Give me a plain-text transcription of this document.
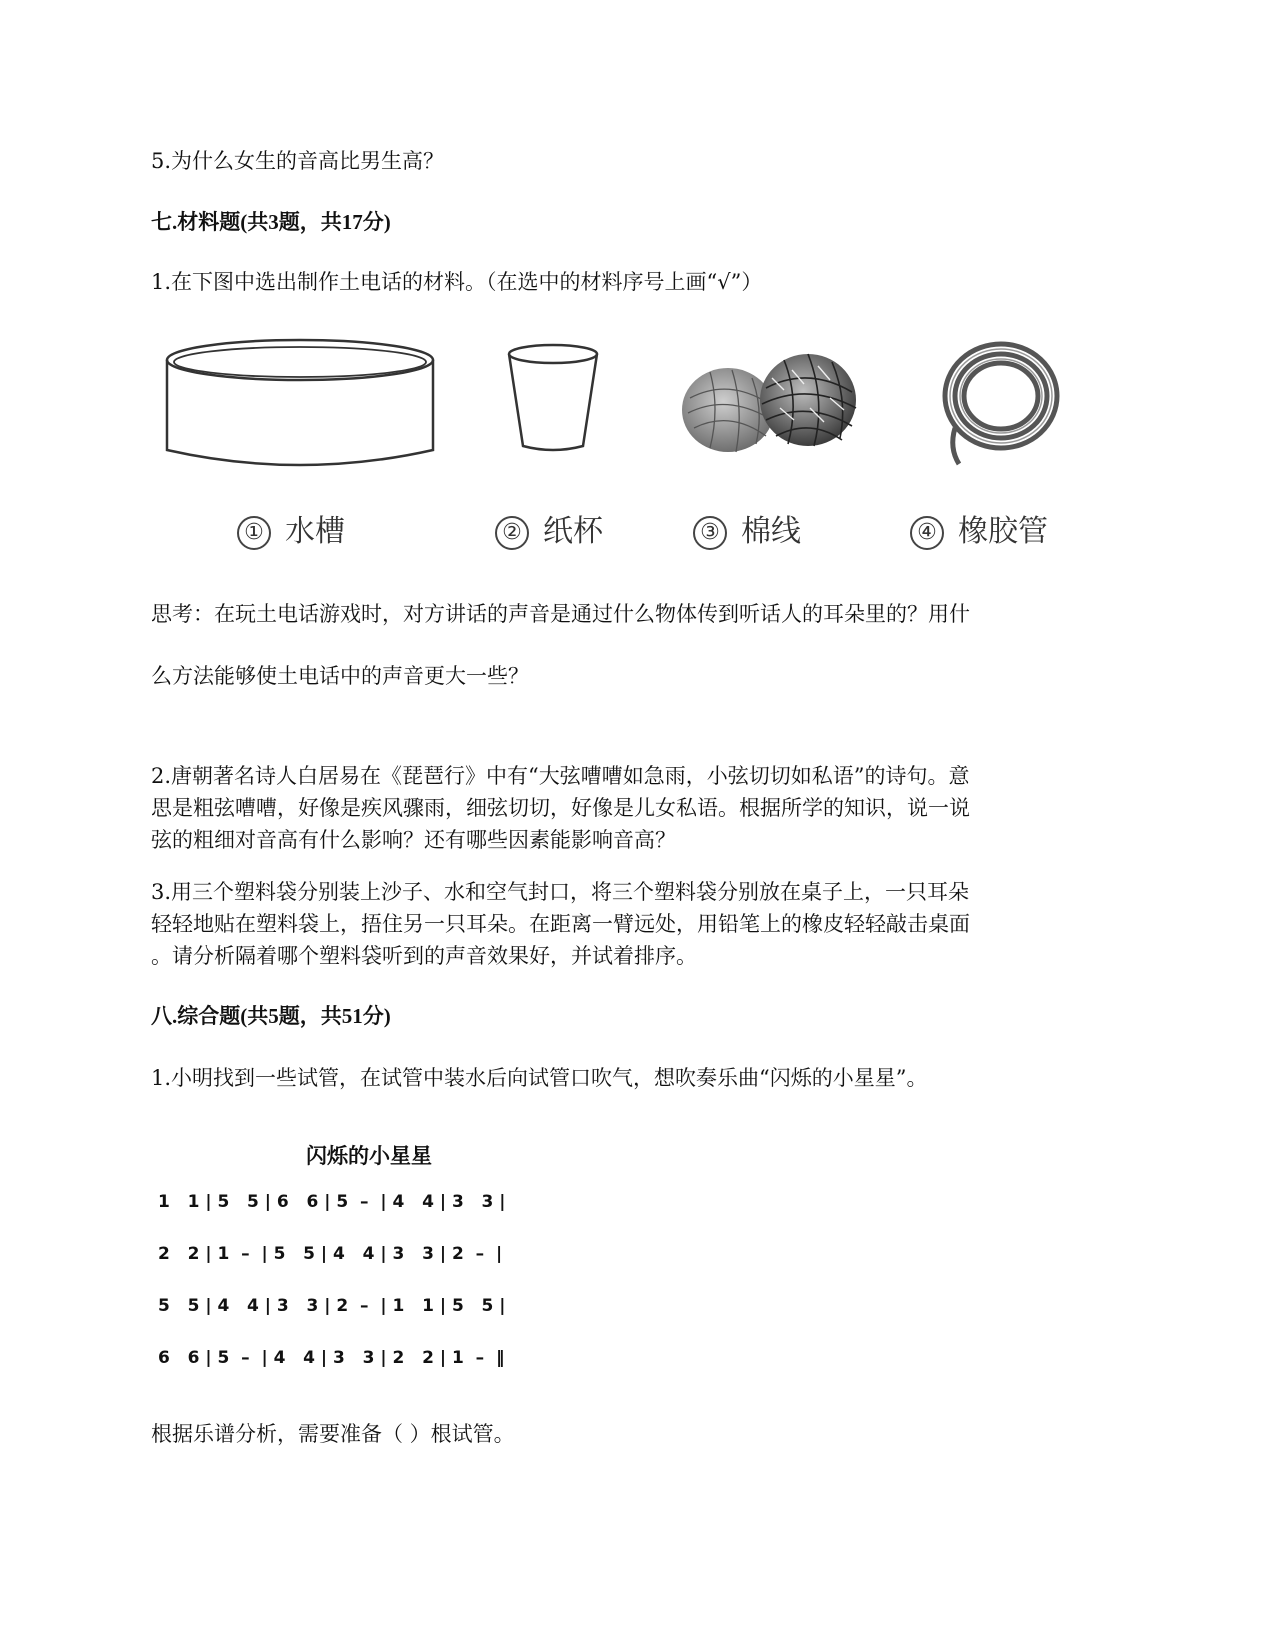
5.为什么女生的音高比男生高？
七.材料题(共3题，共17分)
1.在下图中选出制作土电话的材料。（在选中的材料序号上画“√”）
① 水槽	② 纸杯	③ 棉线	④ 橡胶管
思考：在玩土电话游戏时，对方讲话的声音是通过什么物体传到听话人的耳朵里的？用什
么方法能够使土电话中的声音更大一些？
2.唐朝著名诗人白居易在《琵琶行》中有“大弦嘈嘈如急雨，小弦切切如私语”的诗句。意
思是粗弦嘈嘈，好像是疾风骤雨，细弦切切，好像是儿女私语。根据所学的知识，说一说
弦的粗细对音高有什么影响？还有哪些因素能影响音高？
3.用三个塑料袋分别装上沙子、水和空气封口，将三个塑料袋分别放在桌子上，一只耳朵
轻轻地贴在塑料袋上，捂住另一只耳朵。在距离一臂远处，用铅笔上的橡皮轻轻敲击桌面
。请分析隔着哪个塑料袋听到的声音效果好，并试着排序。
八.综合题(共5题，共51分)
1.小明找到一些试管，在试管中装水后向试管口吹气，想吹奏乐曲“闪烁的小星星”。
闪烁的小星星
1   1 | 5   5 | 6   6 | 5  –  | 4   4 | 3   3 |
2   2 | 1  –  | 5   5 | 4   4 | 3   3 | 2  –  |
5   5 | 4   4 | 3   3 | 2  –  | 1   1 | 5   5 |
6   6 | 5  –  | 4   4 | 3   3 | 2   2 | 1  –  ‖
根据乐谱分析，需要准备（ ）根试管。
